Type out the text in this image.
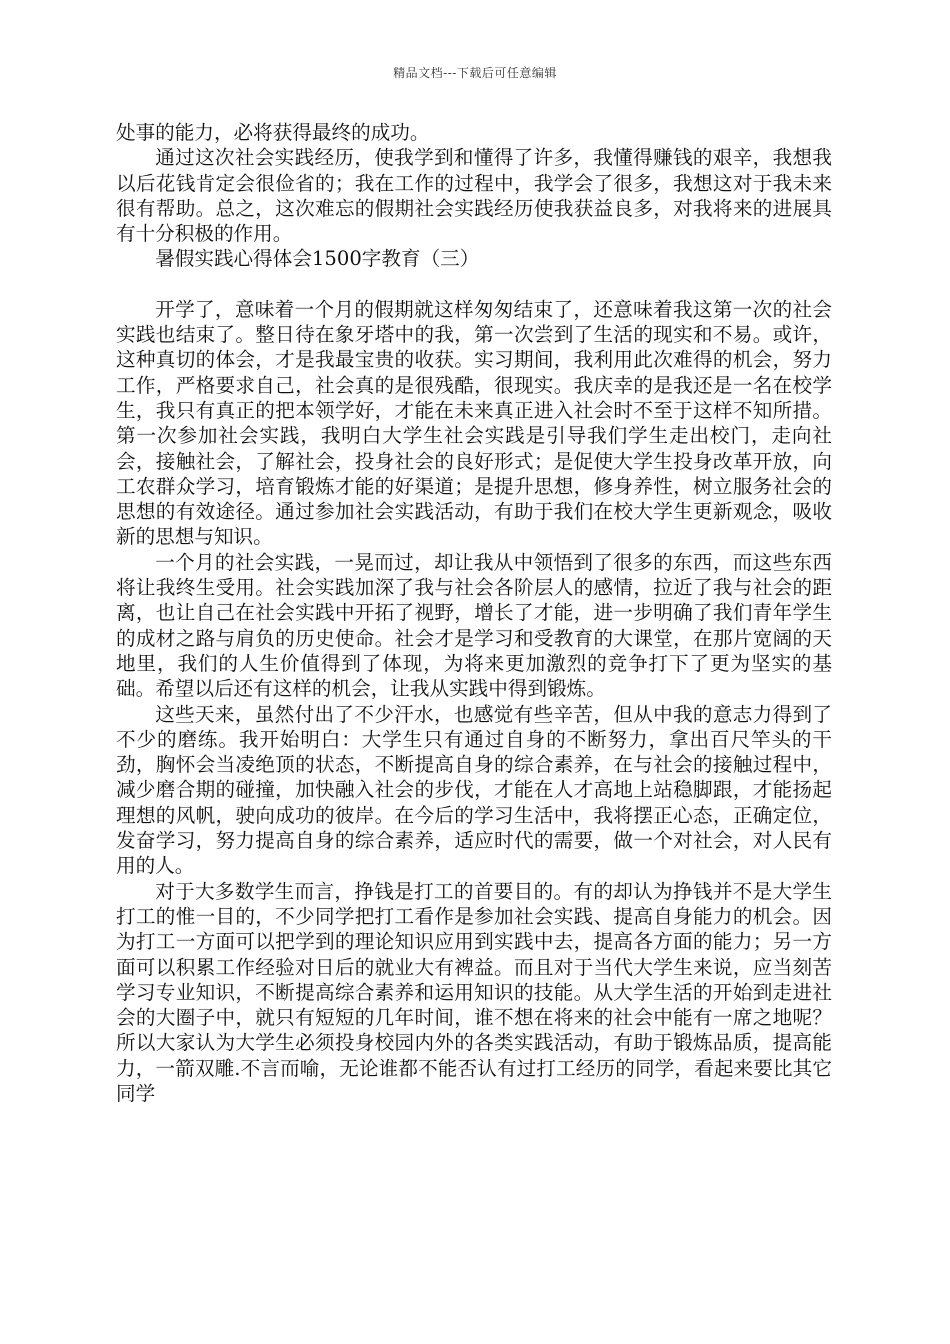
精品文档---下载后可任意编辑

处事的能力，必将获得最终的成功。

通过这次社会实践经历，使我学到和懂得了许多，我懂得赚钱的艰辛，我想我以后花钱肯定会很俭省的；我在工作的过程中，我学会了很多，我想这对于我未来很有帮助。总之，这次难忘的假期社会实践经历使我获益良多，对我将来的进展具有十分积极的作用。

暑假实践心得体会1500字教育（三）

开学了，意味着一个月的假期就这样匆匆结束了，还意味着我这第一次的社会实践也结束了。整日待在象牙塔中的我，第一次尝到了生活的现实和不易。或许，这种真切的体会，才是我最宝贵的收获。实习期间，我利用此次难得的机会，努力工作，严格要求自己，社会真的是很残酷，很现实。我庆幸的是我还是一名在校学生，我只有真正的把本领学好，才能在未来真正进入社会时不至于这样不知所措。第一次参加社会实践，我明白大学生社会实践是引导我们学生走出校门，走向社会，接触社会，了解社会，投身社会的良好形式；是促使大学生投身改革开放，向工农群众学习，培育锻炼才能的好渠道；是提升思想，修身养性，树立服务社会的思想的有效途径。通过参加社会实践活动，有助于我们在校大学生更新观念，吸收新的思想与知识。

一个月的社会实践，一晃而过，却让我从中领悟到了很多的东西，而这些东西将让我终生受用。社会实践加深了我与社会各阶层人的感情，拉近了我与社会的距离，也让自己在社会实践中开拓了视野，增长了才能，进一步明确了我们青年学生的成材之路与肩负的历史使命。社会才是学习和受教育的大课堂，在那片宽阔的天地里，我们的人生价值得到了体现，为将来更加激烈的竞争打下了更为坚实的基础。希望以后还有这样的机会，让我从实践中得到锻炼。

这些天来，虽然付出了不少汗水，也感觉有些辛苦，但从中我的意志力得到了不少的磨练。我开始明白：大学生只有通过自身的不断努力，拿出百尺竿头的干劲，胸怀会当凌绝顶的状态，不断提高自身的综合素养，在与社会的接触过程中，减少磨合期的碰撞，加快融入社会的步伐，才能在人才高地上站稳脚跟，才能扬起理想的风帆，驶向成功的彼岸。在今后的学习生活中，我将摆正心态，正确定位，发奋学习，努力提高自身的综合素养，适应时代的需要，做一个对社会，对人民有用的人。

对于大多数学生而言，挣钱是打工的首要目的。有的却认为挣钱并不是大学生打工的惟一目的，不少同学把打工看作是参加社会实践、提高自身能力的机会。因为打工一方面可以把学到的理论知识应用到实践中去，提高各方面的能力；另一方面可以积累工作经验对日后的就业大有裨益。而且对于当代大学生来说，应当刻苦学习专业知识，不断提高综合素养和运用知识的技能。从大学生活的开始到走进社会的大圈子中，就只有短短的几年时间，谁不想在将来的社会中能有一席之地呢？所以大家认为大学生必须投身校园内外的各类实践活动，有助于锻炼品质，提高能力，一箭双雕.不言而喻，无论谁都不能否认有过打工经历的同学，看起来要比其它同学
